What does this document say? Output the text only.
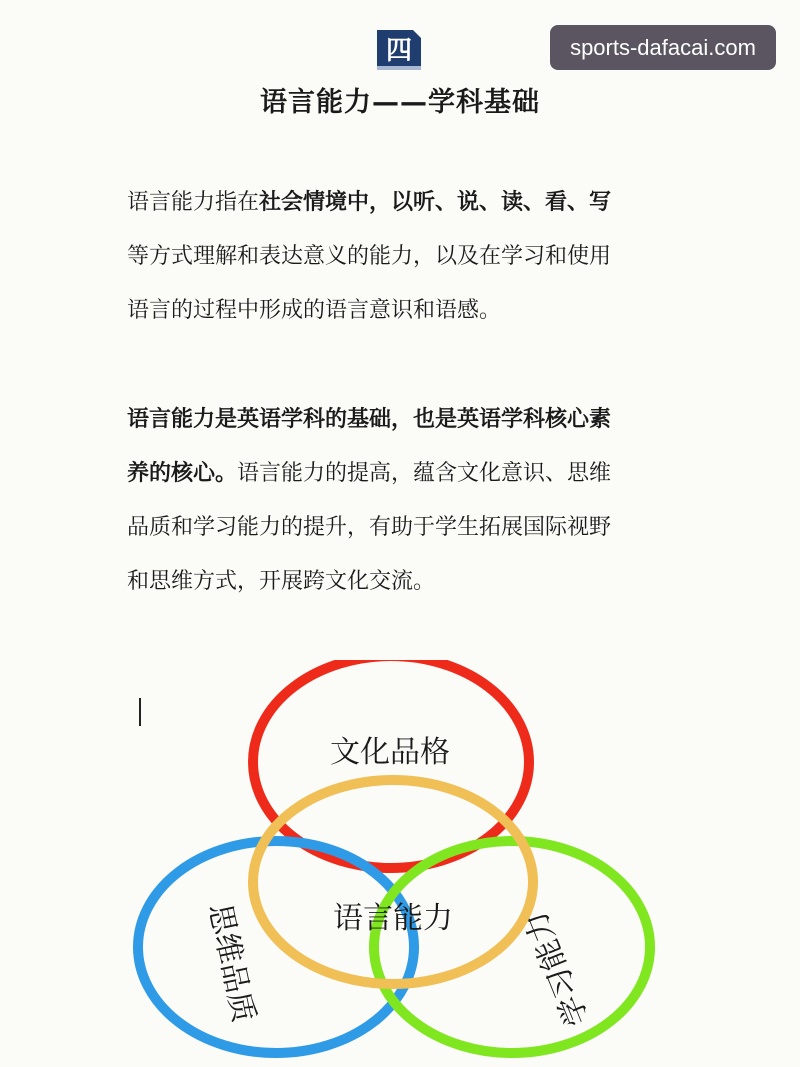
四	sports-dafacai.com
语言能力——学科基础
语言能力指在社会情境中，以听、说、读、看、写
等方式理解和表达意义的能力，以及在学习和使用
语言的过程中形成的语言意识和语感。
语言能力是英语学科的基础，也是英语学科核心素
养的核心。语言能力的提高，蕴含文化意识、思维
品质和学习能力的提升，有助于学生拓展国际视野
和思维方式，开展跨文化交流。
文化品格
语言能力
思维品质	学习能力
